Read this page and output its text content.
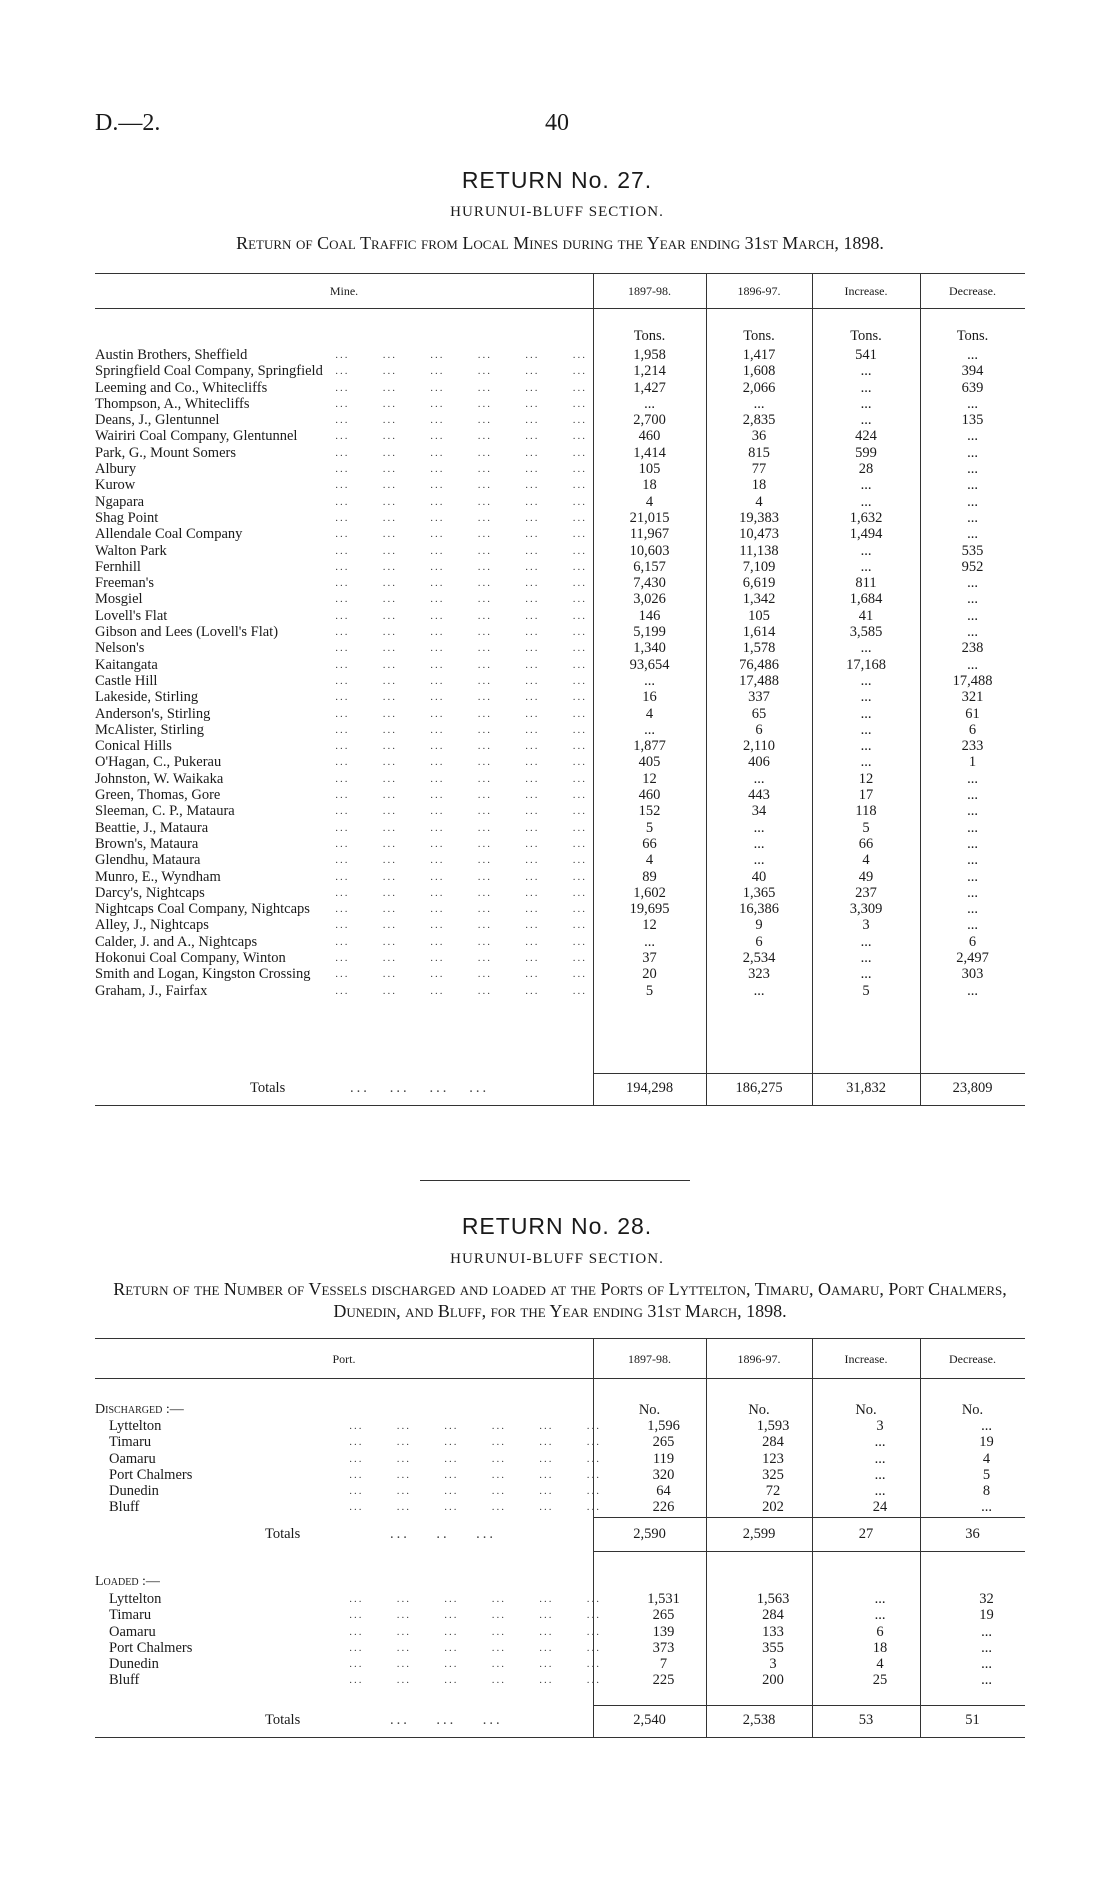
D.—2.	40
RETURN No. 27.
HURUNUI-BLUFF SECTION.
Return of Coal Traffic from Local Mines during the Year ending 31st March, 1898.
Mine.	1897-98.	1896-97.	Increase.	Decrease.
Tons.	Tons.	Tons.	Tons.
...       ...       ...       ...       ...       ...
Austin Brothers, Sheffield	1,958	1,417	541	...

...       ...       ...       ...       ...       ...
Springfield Coal Company, Springfield	1,214	1,608	...	394

...       ...       ...       ...       ...       ...
Leeming and Co., Whitecliffs	1,427	2,066	...	639

...       ...       ...       ...       ...       ...
Thompson, A., Whitecliffs	...	...	...	...

...       ...       ...       ...       ...       ...
Deans, J., Glentunnel	2,700	2,835	...	135

...       ...       ...       ...       ...       ...
Wairiri Coal Company, Glentunnel	460	36	424	...

...       ...       ...       ...       ...       ...
Park, G., Mount Somers	1,414	815	599	...

...       ...       ...       ...       ...       ...
Albury	105	77	28	...

...       ...       ...       ...       ...       ...
Kurow	18	18	...	...

...       ...       ...       ...       ...       ...
Ngapara	4	4	...	...

...       ...       ...       ...       ...       ...
Shag Point	21,015	19,383	1,632	...

...       ...       ...       ...       ...       ...
Allendale Coal Company	11,967	10,473	1,494	...

...       ...       ...       ...       ...       ...
Walton Park	10,603	11,138	...	535

...       ...       ...       ...       ...       ...
Fernhill	6,157	7,109	...	952

...       ...       ...       ...       ...       ...
Freeman's	7,430	6,619	811	...

...       ...       ...       ...       ...       ...
Mosgiel	3,026	1,342	1,684	...

...       ...       ...       ...       ...       ...
Lovell's Flat	146	105	41	...

...       ...       ...       ...       ...       ...
Gibson and Lees (Lovell's Flat)	5,199	1,614	3,585	...

...       ...       ...       ...       ...       ...
Nelson's	1,340	1,578	...	238

...       ...       ...       ...       ...       ...
Kaitangata	93,654	76,486	17,168	...

...       ...       ...       ...       ...       ...
Castle Hill	...	17,488	...	17,488

...       ...       ...       ...       ...       ...
Lakeside, Stirling	16	337	...	321

...       ...       ...       ...       ...       ...
Anderson's, Stirling	4	65	...	61

...       ...       ...       ...       ...       ...
McAlister, Stirling	...	6	...	6

...       ...       ...       ...       ...       ...
Conical Hills	1,877	2,110	...	233

...       ...       ...       ...       ...       ...
O'Hagan, C., Pukerau	405	406	...	1

...       ...       ...       ...       ...       ...
Johnston, W. Waikaka	12	...	12	...

...       ...       ...       ...       ...       ...
Green, Thomas, Gore	460	443	17	...

...       ...       ...       ...       ...       ...
Sleeman, C. P., Mataura	152	34	118	...

...       ...       ...       ...       ...       ...
Beattie, J., Mataura	5	...	5	...

...       ...       ...       ...       ...       ...
Brown's, Mataura	66	...	66	...

...       ...       ...       ...       ...       ...
Glendhu, Mataura	4	...	4	...

...       ...       ...       ...       ...       ...
Munro, E., Wyndham	89	40	49	...

...       ...       ...       ...       ...       ...
Darcy's, Nightcaps	1,602	1,365	237	...

...       ...       ...       ...       ...       ...
Nightcaps Coal Company, Nightcaps	19,695	16,386	3,309	...

...       ...       ...       ...       ...       ...
Alley, J., Nightcaps	12	9	3	...

...       ...       ...       ...       ...       ...
Calder, J. and A., Nightcaps	...	6	...	6

...       ...       ...       ...       ...       ...
Hokonui Coal Company, Winton	37	2,534	...	2,497

...       ...       ...       ...       ...       ...
Smith and Logan, Kingston Crossing	20	323	...	303

...       ...       ...       ...       ...       ...
Graham, J., Fairfax	5	...	5	...
Totals	...   ...   ...   ...	194,298	186,275	31,832	23,809
RETURN No. 28.
HURUNUI-BLUFF SECTION.
Return of the Number of Vessels discharged and loaded at the Ports of Lyttelton, Timaru, Oamaru, Port Chalmers, Dunedin, and Bluff, for the Year ending 31st March, 1898.
Port.	1897-98.	1896-97.	Increase.	Decrease.
Discharged :—	No.	No.	No.	No.
...       ...       ...       ...       ...       ...
Lyttelton	1,596	1,593	3	...

...       ...       ...       ...       ...       ...
Timaru	265	284	...	19

...       ...       ...       ...       ...       ...
Oamaru	119	123	...	4

...       ...       ...       ...       ...       ...
Port Chalmers	320	325	...	5

...       ...       ...       ...       ...       ...
Dunedin	64	72	...	8

...       ...       ...       ...       ...       ...
Bluff	226	202	24	...
Totals	...    ..    ...	2,590	2,599	27	36
Loaded :—
...       ...       ...       ...       ...       ...
Lyttelton	1,531	1,563	...	32

...       ...       ...       ...       ...       ...
Timaru	265	284	...	19

...       ...       ...       ...       ...       ...
Oamaru	139	133	6	...

...       ...       ...       ...       ...       ...
Port Chalmers	373	355	18	...

...       ...       ...       ...       ...       ...
Dunedin	7	3	4	...

...       ...       ...       ...       ...       ...
Bluff	225	200	25	...
Totals	...    ...    ...	2,540	2,538	53	51
